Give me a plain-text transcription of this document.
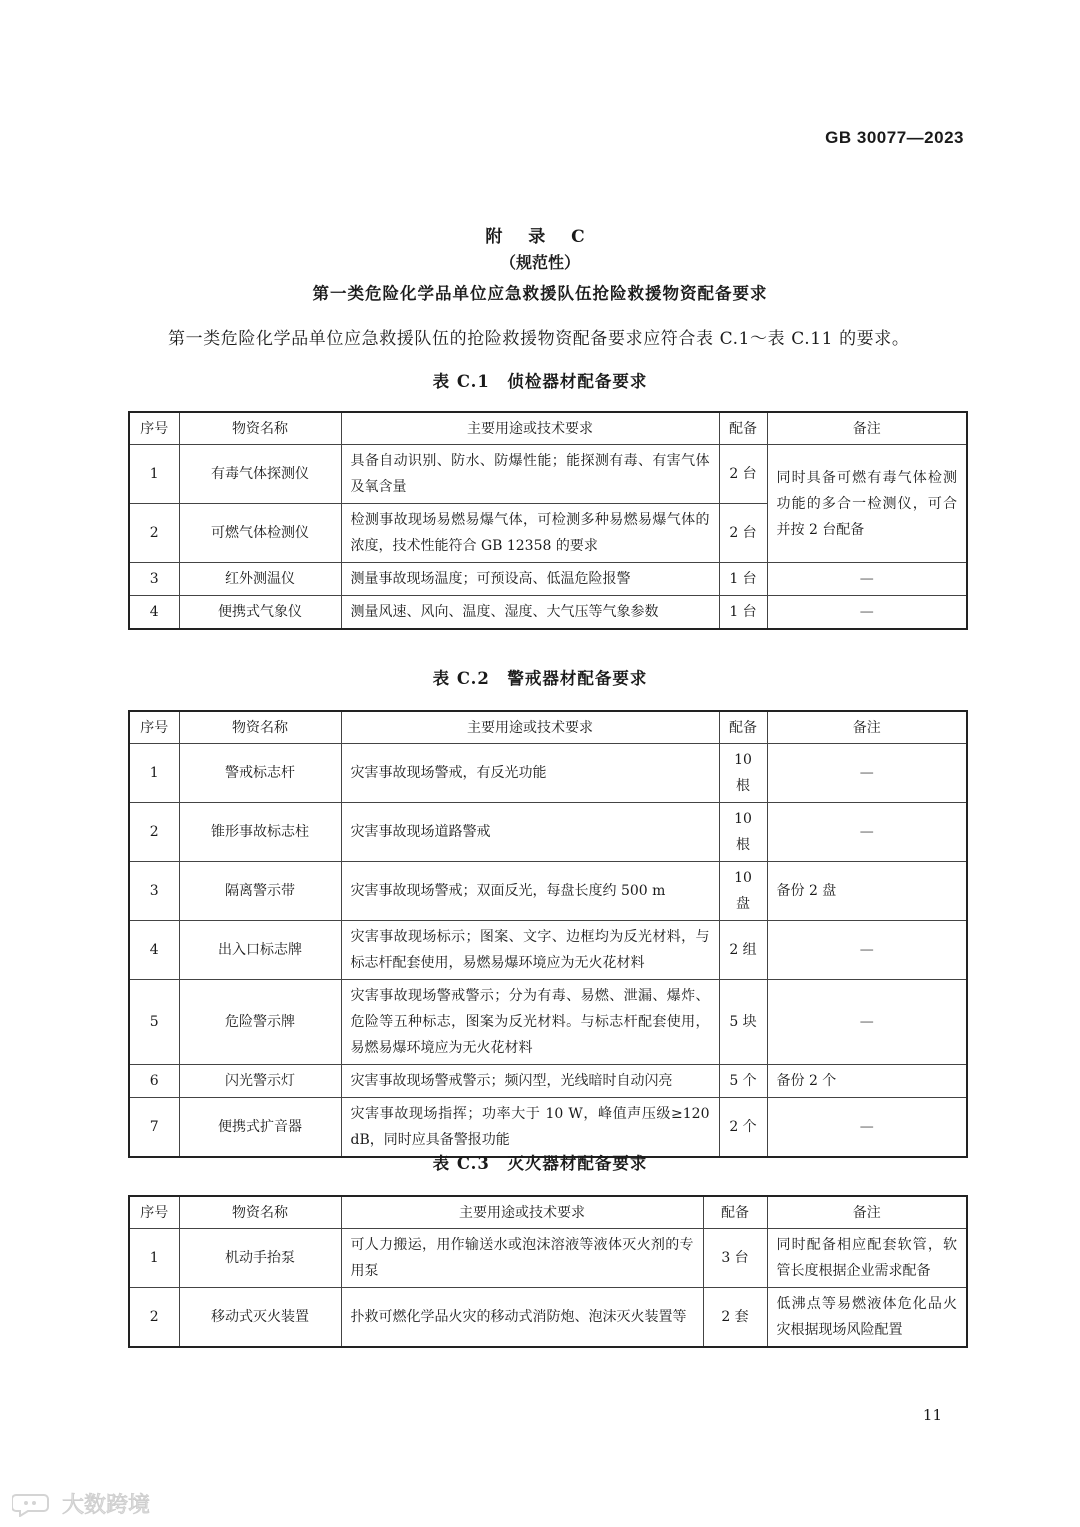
GB 30077—2023
附 录 C
（规范性）
第一类危险化学品单位应急救援队伍抢险救援物资配备要求
第一类危险化学品单位应急救援队伍的抢险救援物资配备要求应符合表 C.1～表 C.11 的要求。
表 C.1　侦检器材配备要求
序号	物资名称	主要用途或技术要求	配备	备注
1	有毒气体探测仪	具备自动识别、防水、防爆性能；能探测有毒、有害气体及氧含量	2 台	同时具备可燃有毒气体检测功能的多合一检测仪，可合并按 2 台配备
2	可燃气体检测仪	检测事故现场易燃易爆气体，可检测多种易燃易爆气体的浓度，技术性能符合 GB 12358 的要求	2 台	
3	红外测温仪	测量事故现场温度；可预设高、低温危险报警	1 台	—
4	便携式气象仪	测量风速、风向、温度、湿度、大气压等气象参数	1 台	—
表 C.2　警戒器材配备要求
序号	物资名称	主要用途或技术要求	配备	备注
1	警戒标志杆	灾害事故现场警戒，有反光功能	10 根	—
2	锥形事故标志柱	灾害事故现场道路警戒	10 根	—
3	隔离警示带	灾害事故现场警戒；双面反光，每盘长度约 500 m	10 盘	备份 2 盘
4	出入口标志牌	灾害事故现场标示；图案、文字、边框均为反光材料，与标志杆配套使用，易燃易爆环境应为无火花材料	2 组	—
5	危险警示牌	灾害事故现场警戒警示；分为有毒、易燃、泄漏、爆炸、危险等五种标志，图案为反光材料。与标志杆配套使用，易燃易爆环境应为无火花材料	5 块	—
6	闪光警示灯	灾害事故现场警戒警示；频闪型，光线暗时自动闪亮	5 个	备份 2 个
7	便携式扩音器	灾害事故现场指挥；功率大于 10 W，峰值声压级≥120 dB，同时应具备警报功能	2 个	—
表 C.3　灭火器材配备要求
序号	物资名称	主要用途或技术要求	配备	备注
1	机动手抬泵	可人力搬运，用作输送水或泡沫溶液等液体灭火剂的专用泵	3 台	同时配备相应配套软管，软管长度根据企业需求配备
2	移动式灭火装置	扑救可燃化学品火灾的移动式消防炮、泡沫灭火装置等	2 套	低沸点等易燃液体危化品火灾根据现场风险配置
11
大数跨境
